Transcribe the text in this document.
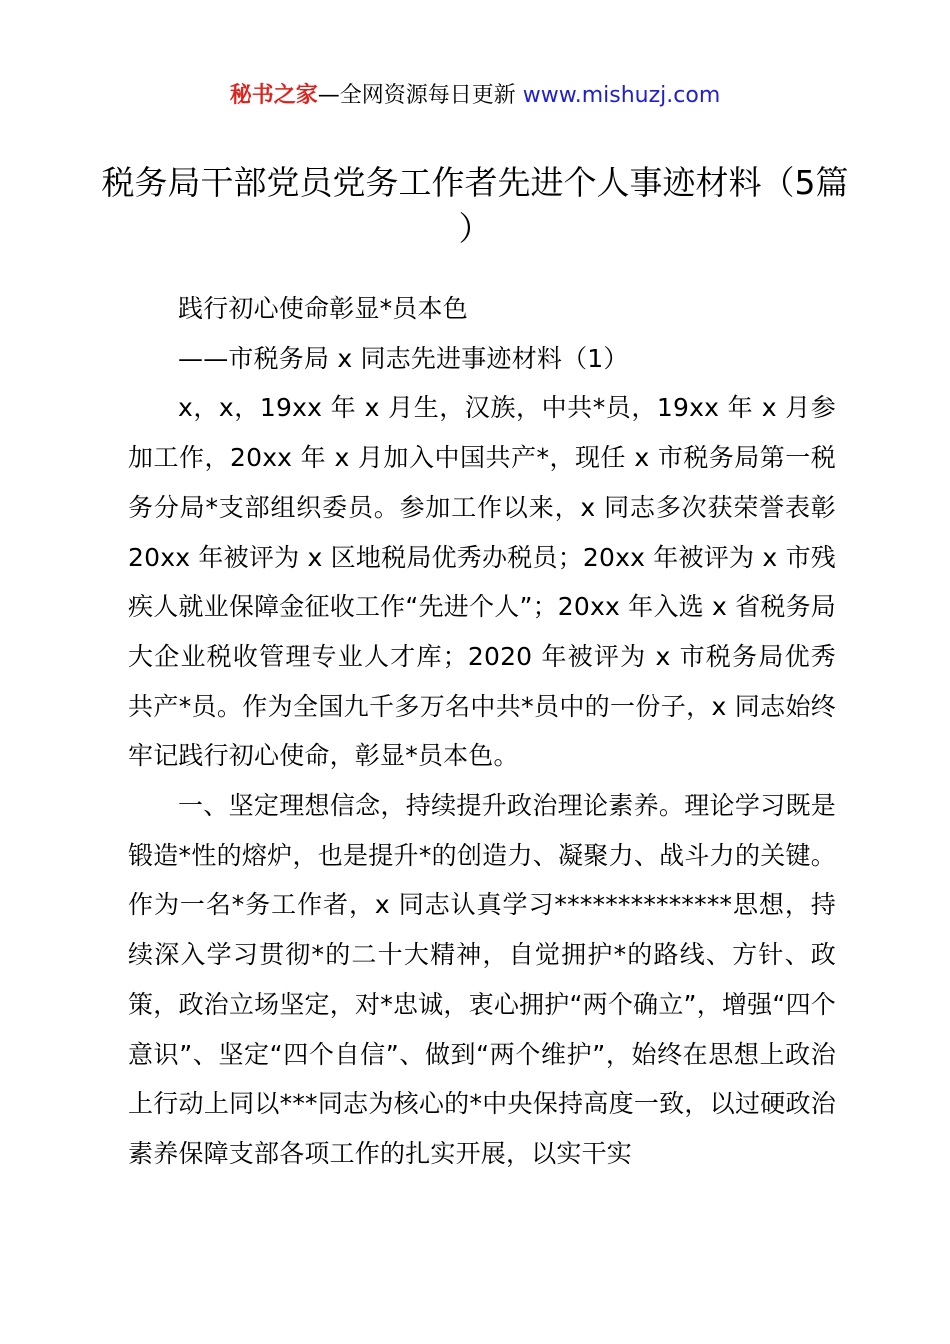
秘书之家—全网资源每日更新 www.mishuzj.com
税务局干部党员党务工作者先进个人事迹材料（5篇 ）

践行初心使命彰显*员本色

——市税务局 x 同志先进事迹材料（1）

x，x，19xx 年 x 月生，汉族，中共*员，19xx 年 x 月参加工作，20xx 年 x 月加入中国共产*，现任 x 市税务局第一税务分局*支部组织委员。参加工作以来，x 同志多次获荣誉表彰 20xx 年被评为 x 区地税局优秀办税员；20xx 年被评为 x 市残疾人就业保障金征收工作“先进个人”；20xx 年入选 x 省税务局大企业税收管理专业人才库；2020 年被评为 x 市税务局优秀共产*员。作为全国九千多万名中共*员中的一份子，x 同志始终牢记践行初心使命，彰显*员本色。

一、坚定理想信念，持续提升政治理论素养。理论学习既是锻造*性的熔炉，也是提升*的创造力、凝聚力、战斗力的关键。作为一名*务工作者，x 同志认真学习**************思想，持续深入学习贯彻*的二十大精神，自觉拥护*的路线、方针、政策，政治立场坚定，对*忠诚，衷心拥护“两个确立”，增强“四个意识”、坚定“四个自信”、做到“两个维护”，始终在思想上政治上行动上同以***同志为核心的*中央保持高度一致，以过硬政治素养保障支部各项工作的扎实开展，以实干实
